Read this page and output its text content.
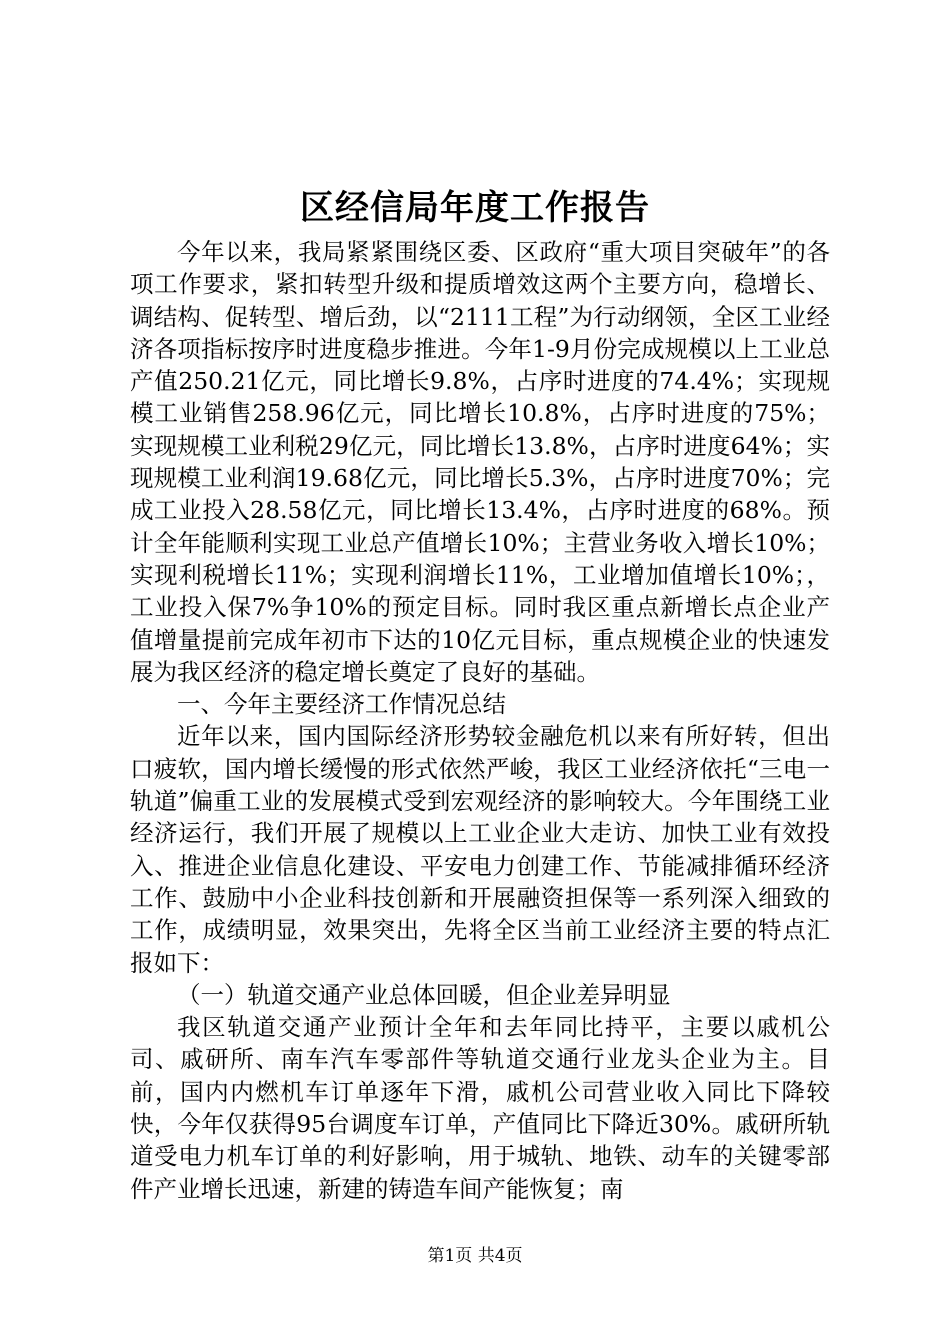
区经信局年度工作报告

今年以来，我局紧紧围绕区委、区政府“重大项目突破年”的各项工作要求，紧扣转型升级和提质增效这两个主要方向，稳增长、调结构、促转型、增后劲，以“2111工程”为行动纲领，全区工业经济各项指标按序时进度稳步推进。今年1-9月份完成规模以上工业总产值250.21亿元，同比增长9.8%，占序时进度的74.4%；实现规模工业销售258.96亿元，同比增长10.8%，占序时进度的75%；实现规模工业利税29亿元，同比增长13.8%，占序时进度64%；实现规模工业利润19.68亿元，同比增长5.3%，占序时进度70%；完成工业投入28.58亿元，同比增长13.4%，占序时进度的68%。预计全年能顺利实现工业总产值增长10%；主营业务收入增长10%；实现利税增长11%；实现利润增长11%，工业增加值增长10%；，工业投入保7%争10%的预定目标。同时我区重点新增长点企业产值增量提前完成年初市下达的10亿元目标，重点规模企业的快速发展为我区经济的稳定增长奠定了良好的基础。

一、今年主要经济工作情况总结

近年以来，国内国际经济形势较金融危机以来有所好转，但出口疲软，国内增长缓慢的形式依然严峻，我区工业经济依托“三电一轨道”偏重工业的发展模式受到宏观经济的影响较大。今年围绕工业经济运行，我们开展了规模以上工业企业大走访、加快工业有效投入、推进企业信息化建设、平安电力创建工作、节能减排循环经济工作、鼓励中小企业科技创新和开展融资担保等一系列深入细致的工作，成绩明显，效果突出，先将全区当前工业经济主要的特点汇报如下：

（一）轨道交通产业总体回暖，但企业差异明显

我区轨道交通产业预计全年和去年同比持平，主要以戚机公司、戚研所、南车汽车零部件等轨道交通行业龙头企业为主。目前，国内内燃机车订单逐年下滑，戚机公司营业收入同比下降较快，今年仅获得95台调度车订单，产值同比下降近30%。戚研所轨道受电力机车订单的利好影响，用于城轨、地铁、动车的关键零部件产业增长迅速，新建的铸造车间产能恢复；南

第1页 共4页
